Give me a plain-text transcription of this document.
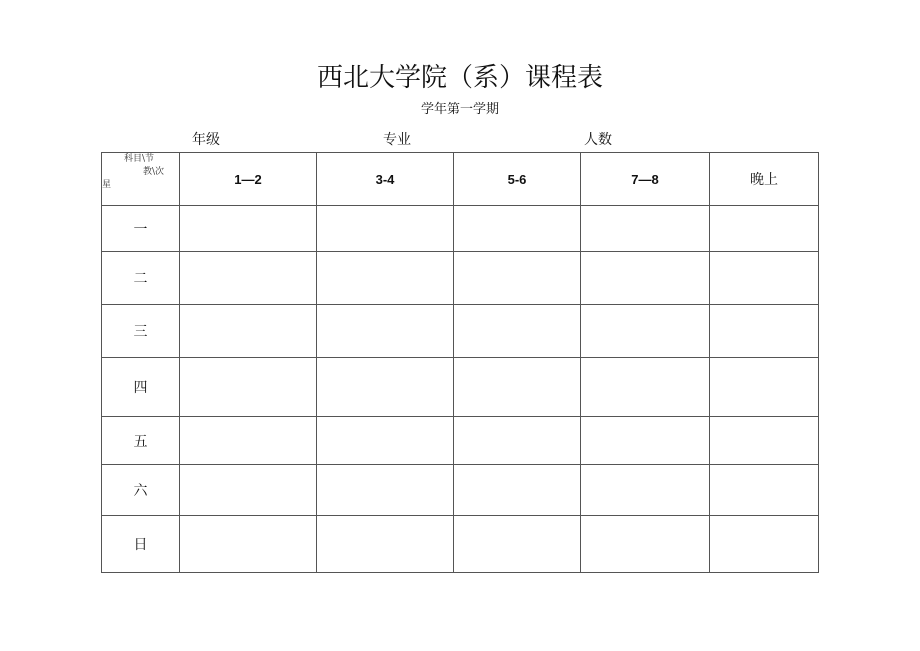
西北大学院（系）课程表
学年第一学期
年级	专业	人数
科目\节
教\次
星	1—2	3-4	5-6	7—8	晚上
一					
二					
三					
四					
五					
六					
日					
